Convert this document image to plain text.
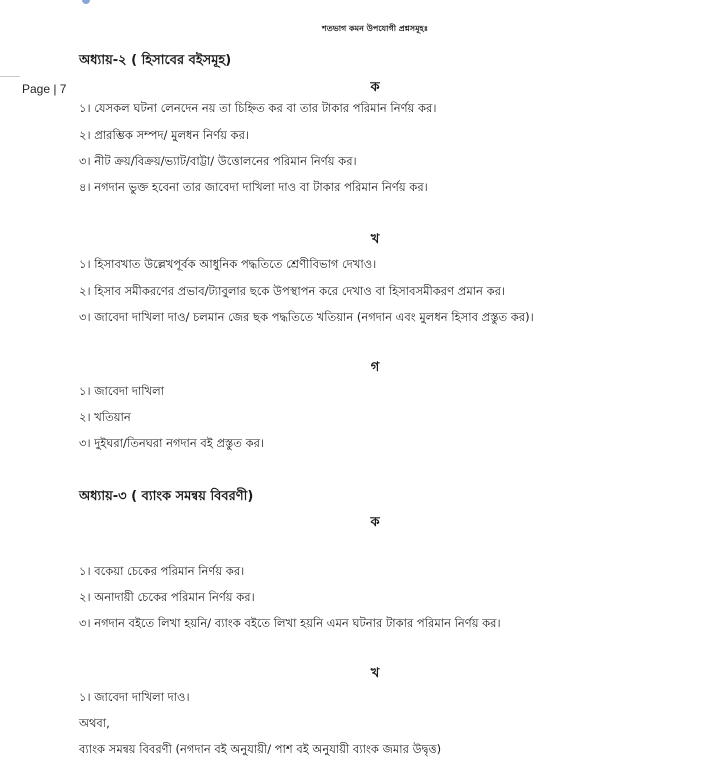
শতভাগ কমন উপযোগী প্রশ্নসমূহঃ
Page | 7
অধ্যায়-২ ( হিসাবের বইসমূহ)
ক
১। যেসকল ঘটনা লেনদেন নয় তা চিহ্নিত কর বা তার টাকার পরিমান নির্ণয় কর।
২। প্রারম্ভিক সম্পদ/ মুলধন নির্ণয় কর।
৩। নীট ক্রয়/বিক্রয়/ভ্যাট/বাট্টা/ উত্তোলনের পরিমান নির্ণয় কর।
৪। নগদান ভুক্ত হবেনা তার জাবেদা দাখিলা দাও বা টাকার পরিমান নির্ণয় কর।
খ
১। হিসাবখাত উল্লেখপূর্বক আধুনিক পদ্ধতিতে শ্রেণীবিভাগ দেখাও।
২। হিসাব সমীকরণের প্রভাব/ট্যাবুলার ছকে উপস্থাপন করে দেখাও বা হিসাবসমীকরণ প্রমান কর।
৩। জাবেদা দাখিলা দাও/ চলমান জের ছক পদ্ধতিতে খতিয়ান (নগদান এবং মুলধন হিসাব প্রস্তুত কর)।
গ
১। জাবেদা দাখিলা
২। খতিয়ান
৩। দুইঘরা/তিনঘরা নগদান বই প্রস্তুত কর।
অধ্যায়-৩ ( ব্যাংক সমন্বয় বিবরণী)
ক
১। বকেয়া চেকের পরিমান নির্ণয় কর।
২। অনাদায়ী চেকের পরিমান নির্ণয় কর।
৩। নগদান বইতে লিখা হয়নি/ ব্যাংক বইতে লিখা হয়নি এমন ঘটনার টাকার পরিমান নির্ণয় কর।
খ
১। জাবেদা দাখিলা দাও।
অথবা,
ব্যাংক সমন্বয় বিবরণী (নগদান বই অনুযায়ী/ পাশ বই অনুযায়ী ব্যাংক জমার উদ্বৃত্ত)
